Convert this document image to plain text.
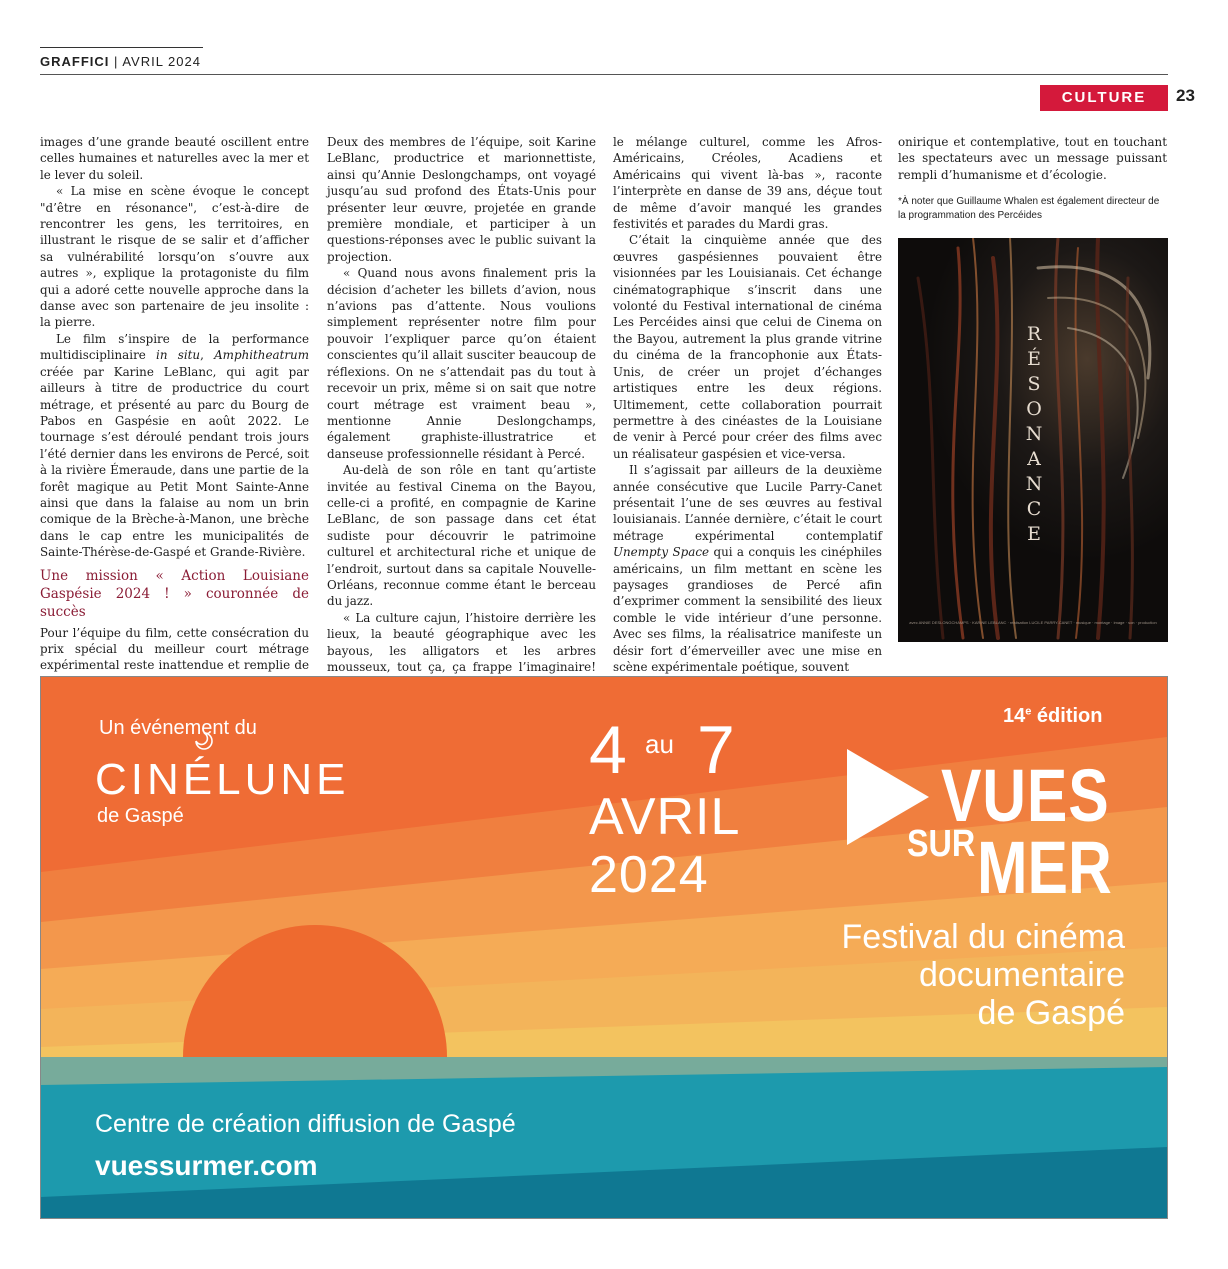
GRAFFICI | AVRIL 2024
CULTURE	23

images d’une grande beauté oscillent entre celles humaines et naturelles avec la mer et le lever du soleil.

« La mise en scène évoque le concept "d’être en résonance", c’est-à-dire de rencontrer les gens, les territoires, en illustrant le risque de se salir et d’afficher sa vulnérabilité lorsqu’on s’ouvre aux autres », explique la protagoniste du film qui a adoré cette nouvelle approche dans la danse avec son partenaire de jeu insolite : la pierre.

Le film s’inspire de la performance multidisciplinaire in situ, Amphitheatrum créée par Karine LeBlanc, qui agit par ailleurs à titre de productrice du court métrage, et présenté au parc du Bourg de Pabos en Gaspésie en août 2022. Le tournage s’est déroulé pendant trois jours l’été dernier dans les environs de Percé, soit à la rivière Émeraude, dans une partie de la forêt magique au Petit Mont Sainte-Anne ainsi que dans la falaise au nom un brin comique de la Brèche-à-Manon, une brèche dans le cap entre les municipalités de Sainte-Thérèse-de-Gaspé et Grande-Rivière.

Une mission « Action Louisiane Gaspésie 2024 ! » couronnée de succès

Pour l’équipe du film, cette consécration du prix spécial du meilleur court métrage expérimental reste inattendue et remplie de

Deux des membres de l’équipe, soit Karine LeBlanc, productrice et marionnettiste, ainsi qu’Annie Deslongchamps, ont voyagé jusqu’au sud profond des États-Unis pour présenter leur œuvre, projetée en grande première mondiale, et participer à un questions-réponses avec le public suivant la projection.

« Quand nous avons finalement pris la décision d’acheter les billets d’avion, nous n’avions pas d’attente. Nous voulions simplement représenter notre film pour pouvoir l’expliquer parce qu’on étaient conscientes qu’il allait susciter beaucoup de réflexions. On ne s’attendait pas du tout à recevoir un prix, même si on sait que notre court métrage est vraiment beau », mentionne Annie Deslongchamps, également graphiste-illustratrice et danseuse professionnelle résidant à Percé.

Au-delà de son rôle en tant qu’artiste invitée au festival Cinema on the Bayou, celle-ci a profité, en compagnie de Karine LeBlanc, de son passage dans cet état sudiste pour découvrir le patrimoine culturel et architectural riche et unique de l’endroit, surtout dans sa capitale Nouvelle-Orléans, reconnue comme étant le berceau du jazz.

« La culture cajun, l’histoire derrière les lieux, la beauté géographique avec les bayous, les alligators et les arbres mousseux, tout ça, ça frappe l’imaginaire!

le mélange culturel, comme les Afros-Américains, Créoles, Acadiens et Américains qui vivent là-bas », raconte l’interprète en danse de 39 ans, déçue tout de même d’avoir manqué les grandes festivités et parades du Mardi gras.

C’était la cinquième année que des œuvres gaspésiennes pouvaient être visionnées par les Louisianais. Cet échange cinématographique s’inscrit dans une volonté du Festival international de cinéma Les Percéides ainsi que celui de Cinema on the Bayou, autrement la plus grande vitrine du cinéma de la francophonie aux États-Unis, de créer un projet d’échanges artistiques entre les deux régions. Ultimement, cette collaboration pourrait permettre à des cinéastes de la Louisiane de venir à Percé pour créer des films avec un réalisateur gaspésien et vice-versa.

Il s’agissait par ailleurs de la deuxième année consécutive que Lucile Parry-Canet présentait l’une de ses œuvres au festival louisianais. L’année dernière, c’était le court métrage expérimental contemplatif Unempty Space qui a conquis les cinéphiles américains, un film mettant en scène les paysages grandioses de Percé afin d’exprimer comment la sensibilité des lieux comble le vide intérieur d’une personne. Avec ses films, la réalisatrice manifeste un désir fort d’émerveiller avec une mise en scène expérimentale poétique, souvent

onirique et contemplative, tout en touchant les spectateurs avec un message puissant rempli d’humanisme et d’écologie.

*À noter que Guillaume Whalen est également directeur de la programmation des Percéides
RÉSONANCE
avec ANNIE DESLONGCHAMPS · KARINE LEBLANC · réalisation LUCILE PARRY-CANET · musique · montage · image · son · production
Un événement du
CINÉLUNE
de Gaspé
4 au 7
AVRIL
2024
14e édition
VUES
SUR MER
Festival du cinéma
documentaire
de Gaspé
Centre de création diffusion de Gaspé
vuessurmer.com
